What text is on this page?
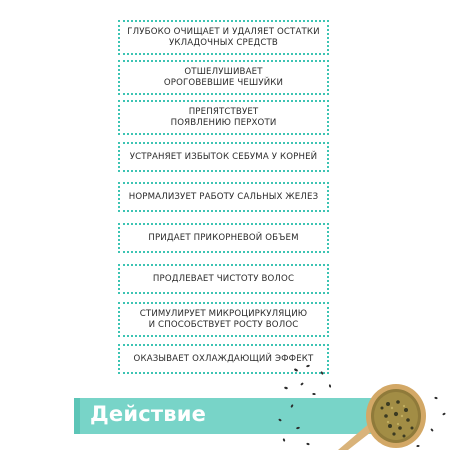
ГЛУБОКО ОЧИЩАЕТ И УДАЛЯЕТ ОСТАТКИ
УКЛАДОЧНЫХ СРЕДСТВ
ОТШЕЛУШИВАЕТ
ОРОГОВЕВШИЕ ЧЕШУЙКИ
ПРЕПЯТСТВУЕТ
ПОЯВЛЕНИЮ ПЕРХОТИ
УСТРАНЯЕТ ИЗБЫТОК СЕБУМА У КОРНЕЙ
НОРМАЛИЗУЕТ РАБОТУ САЛЬНЫХ ЖЕЛЕЗ
ПРИДАЕТ ПРИКОРНЕВОЙ ОБЪЕМ
ПРОДЛЕВАЕТ ЧИСТОТУ ВОЛОС
СТИМУЛИРУЕТ МИКРОЦИРКУЛЯЦИЮ
И СПОСОБСТВУЕТ РОСТУ ВОЛОС
ОКАЗЫВАЕТ ОХЛАЖДАЮЩИЙ ЭФФЕКТ
Действие
